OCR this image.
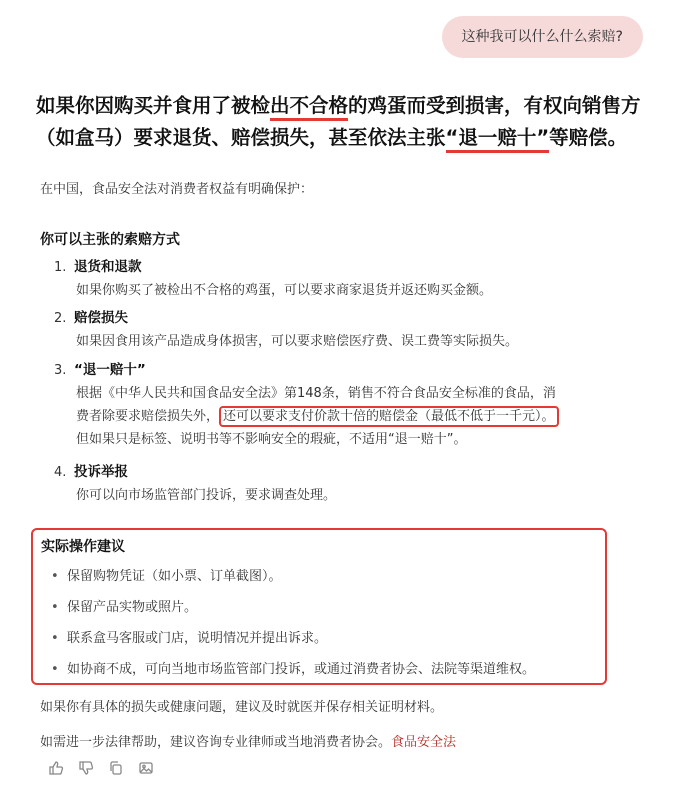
这种我可以什么什么索赔?
如果你因购买并食用了被检出不合格的鸡蛋而受到损害，有权向销售方（如盒马）要求退货、赔偿损失，甚至依法主张“退一赔十”等赔偿。
在中国，食品安全法对消费者权益有明确保护：
你可以主张的索赔方式
1. 退货和退款
如果你购买了被检出不合格的鸡蛋，可以要求商家退货并返还购买金额。
2. 赔偿损失
如果因食用该产品造成身体损害，可以要求赔偿医疗费、误工费等实际损失。
3. “退一赔十”
根据《中华人民共和国食品安全法》第148条，销售不符合食品安全标准的食品，消
费者除要求赔偿损失外， 还可以要求支付价款十倍的赔偿金（最低不低于一千元）。
但如果只是标签、说明书等不影响安全的瑕疵，不适用“退一赔十”。
4. 投诉举报
你可以向市场监管部门投诉，要求调查处理。
实际操作建议
• 保留购物凭证（如小票、订单截图）。
• 保留产品实物或照片。
• 联系盒马客服或门店，说明情况并提出诉求。
• 如协商不成，可向当地市场监管部门投诉，或通过消费者协会、法院等渠道维权。
如果你有具体的损失或健康问题，建议及时就医并保存相关证明材料。
如需进一步法律帮助，建议咨询专业律师或当地消费者协会。食品安全法
